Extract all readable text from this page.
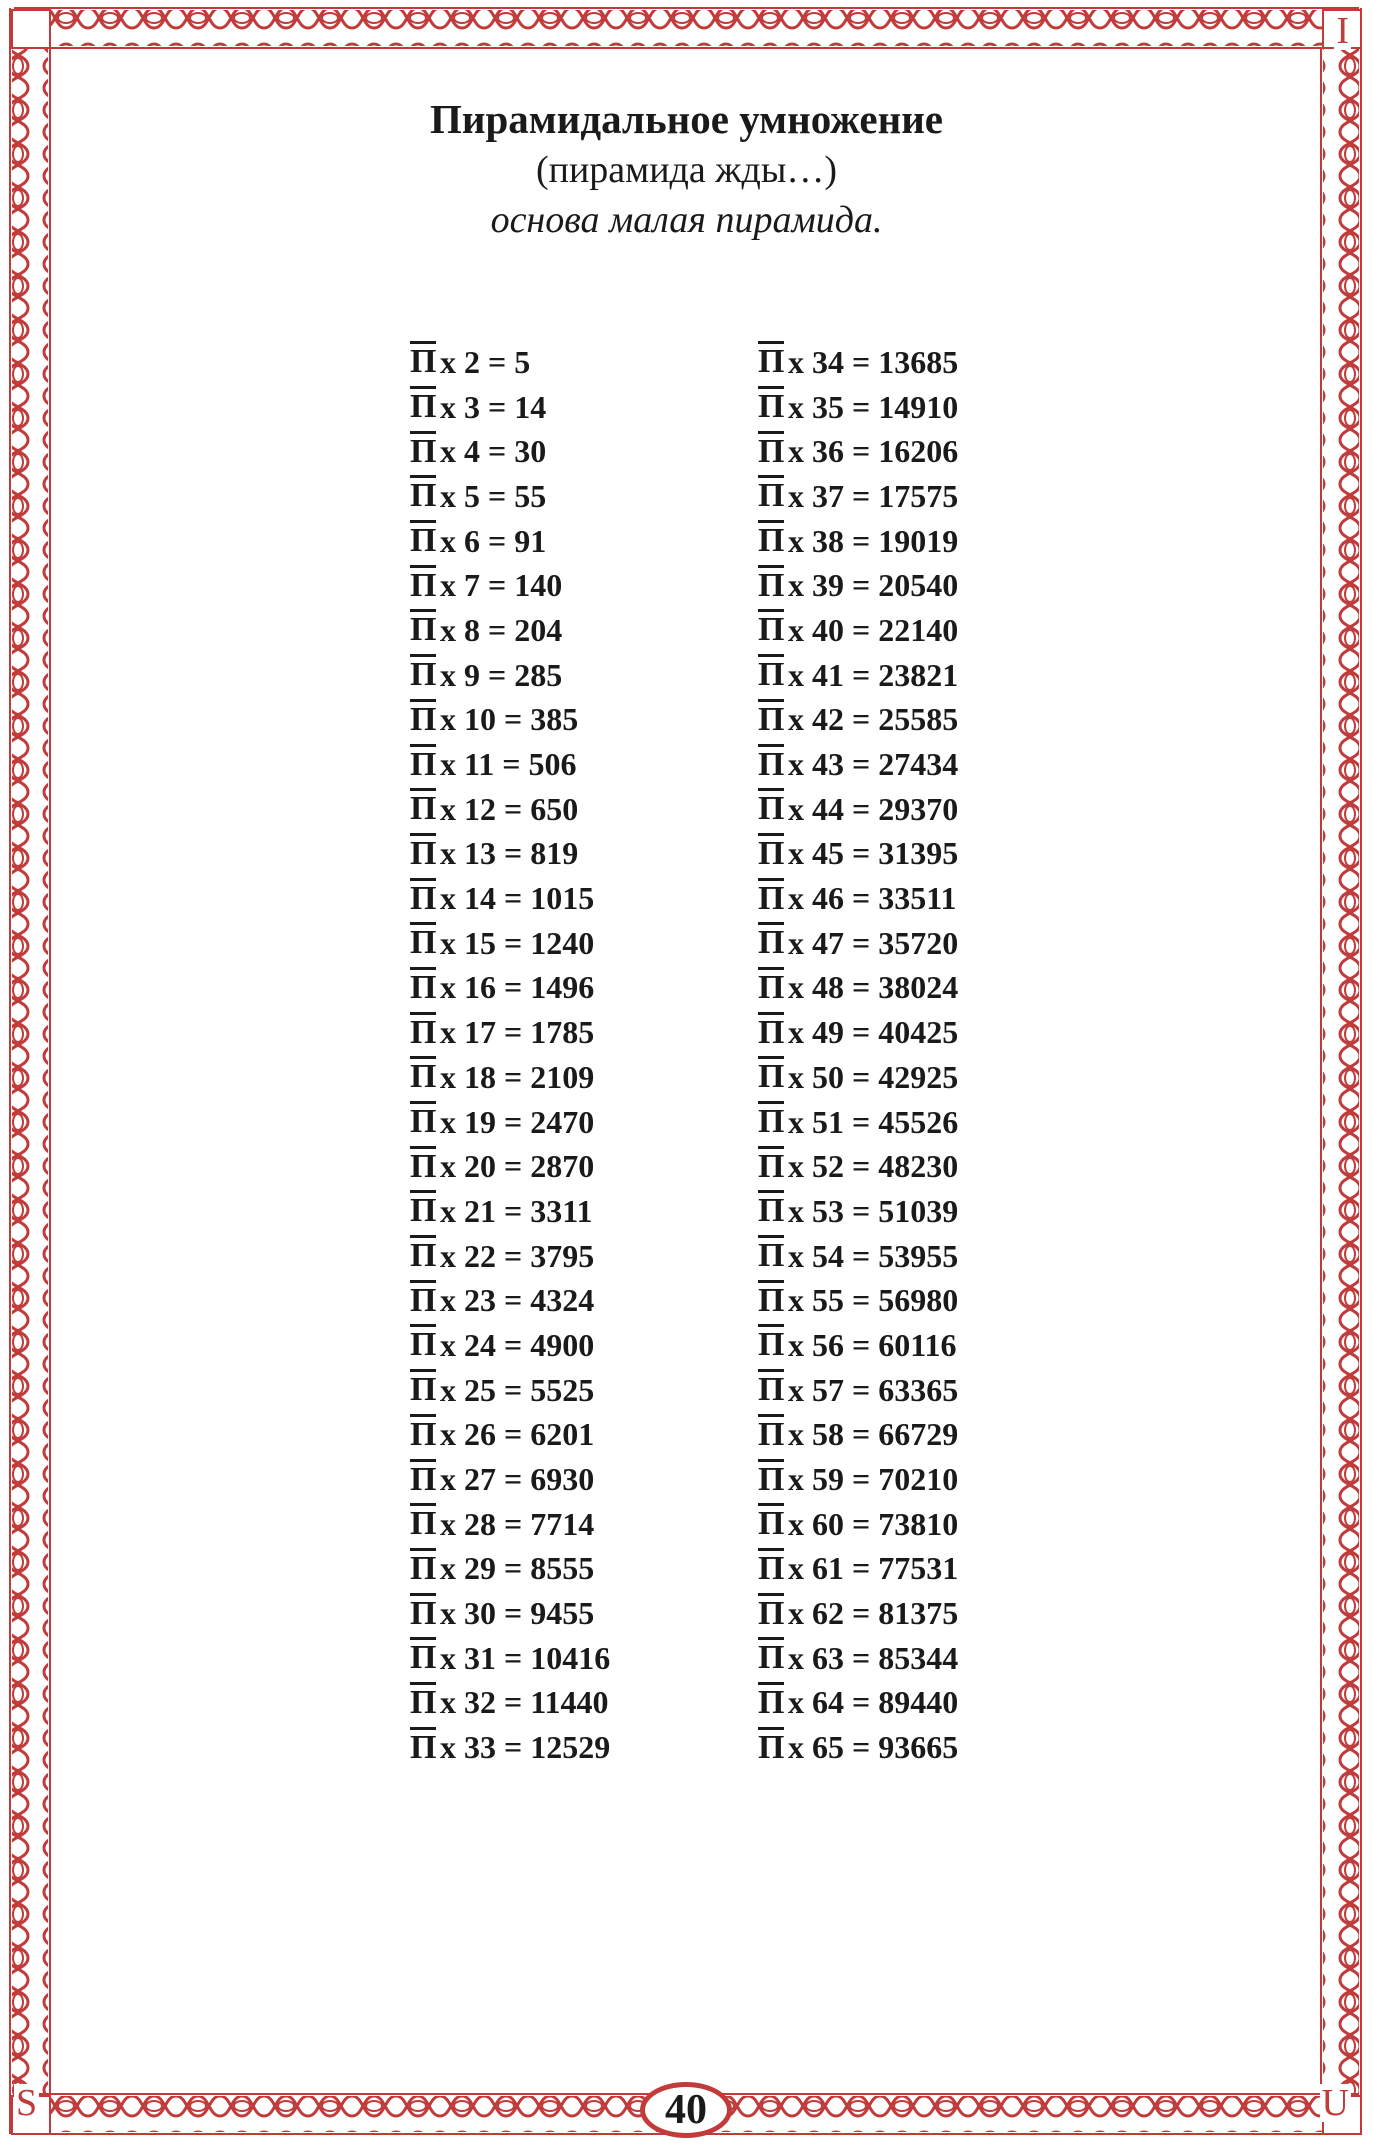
I
S	U

Пирамидальное умножение

(пирамида жды…)

основа малая пирамида.

П x 2 = 5
П x 3 = 14
П x 4 = 30
П x 5 = 55
П x 6 = 91
П x 7 = 140
П x 8 = 204
П x 9 = 285
П x 10 = 385
П x 11 = 506
П x 12 = 650
П x 13 = 819
П x 14 = 1015
П x 15 = 1240
П x 16 = 1496
П x 17 = 1785
П x 18 = 2109
П x 19 = 2470
П x 20 = 2870
П x 21 = 3311
П x 22 = 3795
П x 23 = 4324
П x 24 = 4900
П x 25 = 5525
П x 26 = 6201
П x 27 = 6930
П x 28 = 7714
П x 29 = 8555
П x 30 = 9455
П x 31 = 10416
П x 32 = 11440
П x 33 = 12529
П x 34 = 13685
П x 35 = 14910
П x 36 = 16206
П x 37 = 17575
П x 38 = 19019
П x 39 = 20540
П x 40 = 22140
П x 41 = 23821
П x 42 = 25585
П x 43 = 27434
П x 44 = 29370
П x 45 = 31395
П x 46 = 33511
П x 47 = 35720
П x 48 = 38024
П x 49 = 40425
П x 50 = 42925
П x 51 = 45526
П x 52 = 48230
П x 53 = 51039
П x 54 = 53955
П x 55 = 56980
П x 56 = 60116
П x 57 = 63365
П x 58 = 66729
П x 59 = 70210
П x 60 = 73810
П x 61 = 77531
П x 62 = 81375
П x 63 = 85344
П x 64 = 89440
П x 65 = 93665
40
